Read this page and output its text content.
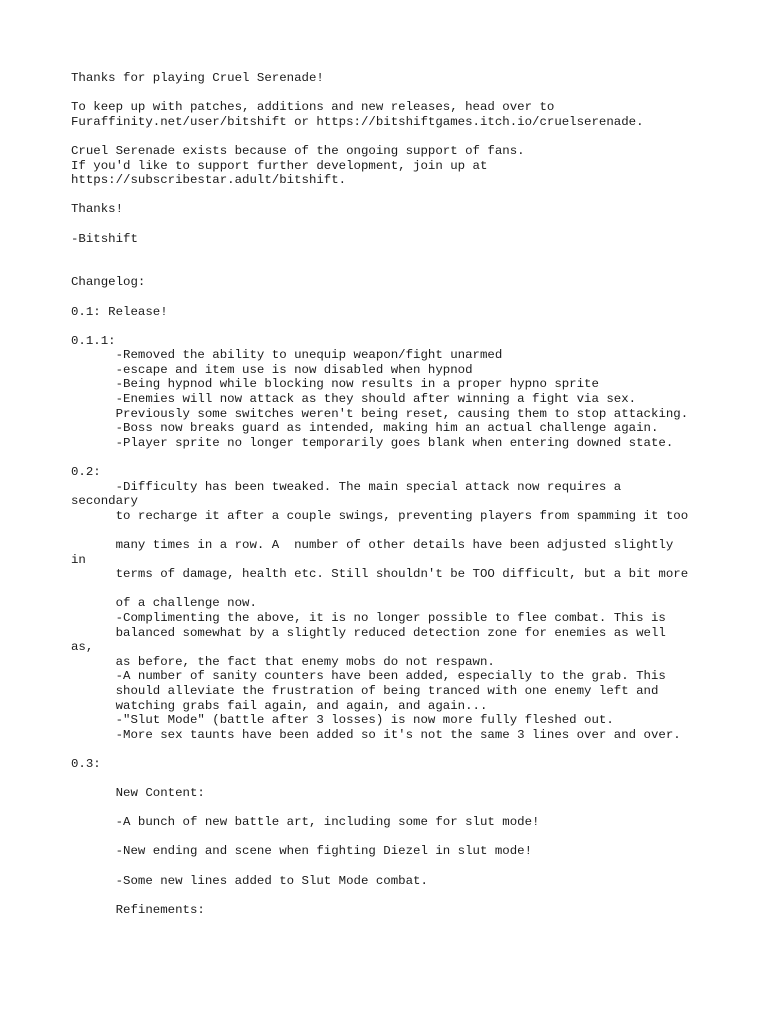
Thanks for playing Cruel Serenade!
To keep up with patches, additions and new releases, head over to
Furaffinity.net/user/bitshift or https://bitshiftgames.itch.io/cruelserenade.
Cruel Serenade exists because of the ongoing support of fans.
If you'd like to support further development, join up at
https://subscribestar.adult/bitshift.
Thanks!
-Bitshift
Changelog:
0.1: Release!
0.1.1:
-Removed the ability to unequip weapon/fight unarmed
-escape and item use is now disabled when hypnod
-Being hypnod while blocking now results in a proper hypno sprite
-Enemies will now attack as they should after winning a fight via sex.
Previously some switches weren't being reset, causing them to stop attacking.
-Boss now breaks guard as intended, making him an actual challenge again.
-Player sprite no longer temporarily goes blank when entering downed state.
0.2:
-Difficulty has been tweaked. The main special attack now requires a
secondary
to recharge it after a couple swings, preventing players from spamming it too
many times in a row. A  number of other details have been adjusted slightly
in
terms of damage, health etc. Still shouldn't be TOO difficult, but a bit more
of a challenge now.
-Complimenting the above, it is no longer possible to flee combat. This is
balanced somewhat by a slightly reduced detection zone for enemies as well
as,
as before, the fact that enemy mobs do not respawn.
-A number of sanity counters have been added, especially to the grab. This
should alleviate the frustration of being tranced with one enemy left and
watching grabs fail again, and again, and again...
-"Slut Mode" (battle after 3 losses) is now more fully fleshed out.
-More sex taunts have been added so it's not the same 3 lines over and over.
0.3:
New Content:
-A bunch of new battle art, including some for slut mode!
-New ending and scene when fighting Diezel in slut mode!
-Some new lines added to Slut Mode combat.
Refinements:
